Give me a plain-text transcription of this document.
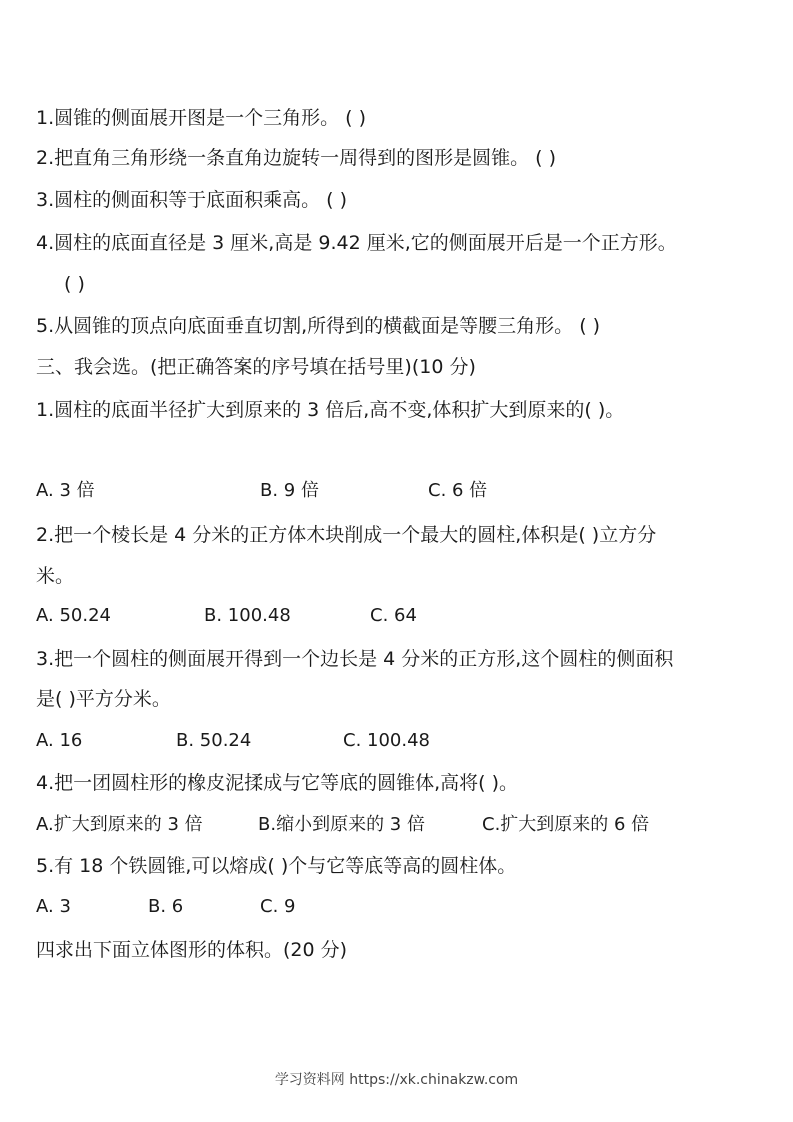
1.圆锥的侧面展开图是一个三角形。 ( )
2.把直角三角形绕一条直角边旋转一周得到的图形是圆锥。 ( )
3.圆柱的侧面积等于底面积乘高。 ( )
4.圆柱的底面直径是 3 厘米,高是 9.42 厘米,它的侧面展开后是一个正方形。
( )
5.从圆锥的顶点向底面垂直切割,所得到的横截面是等腰三角形。 ( )
三、我会选。(把正确答案的序号填在括号里)(10 分)
1.圆柱的底面半径扩大到原来的 3 倍后,高不变,体积扩大到原来的( )。
A. 3 倍	B. 9 倍	C. 6 倍
2.把一个棱长是 4 分米的正方体木块削成一个最大的圆柱,体积是( )立方分
米。
A. 50.24	B. 100.48	C. 64
3.把一个圆柱的侧面展开得到一个边长是 4 分米的正方形,这个圆柱的侧面积
是( )平方分米。
A. 16	B. 50.24	C. 100.48
4.把一团圆柱形的橡皮泥揉成与它等底的圆锥体,高将( )。
A.扩大到原来的 3 倍	B.缩小到原来的 3 倍	C.扩大到原来的 6 倍
5.有 18 个铁圆锥,可以熔成( )个与它等底等高的圆柱体。
A. 3	B. 6	C. 9
四求出下面立体图形的体积。(20 分)
学习资料网 https://xk.chinakzw.com
